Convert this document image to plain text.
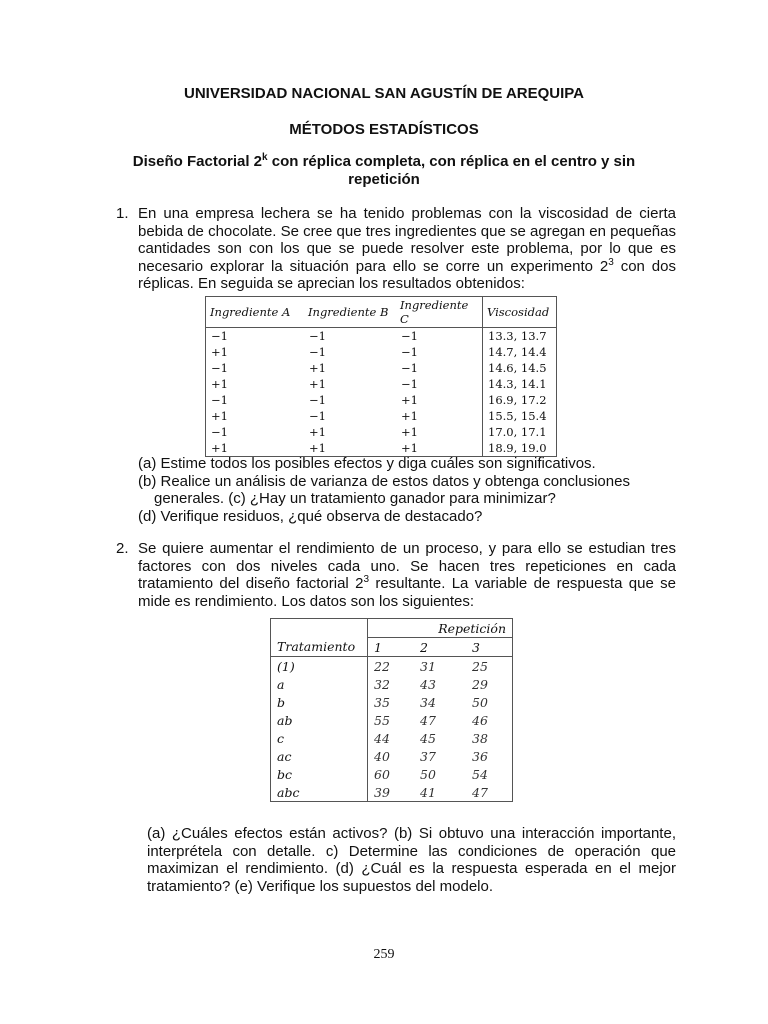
UNIVERSIDAD NACIONAL SAN AGUSTÍN DE AREQUIPA
MÉTODOS ESTADÍSTICOS
Diseño Factorial 2$^k$ con réplica completa, con réplica en el centro y sin
repetición
1. En una empresa lechera se ha tenido problemas con la viscosidad de cierta bebida de chocolate. Se cree que tres ingredientes que se agregan en pequeñas cantidades son con los que se puede resolver este problema, por lo que es necesario explorar la situación para ello se corre un experimento $2^3$ con dos réplicas. En seguida se aprecian los resultados obtenidos:
Ingrediente A	Ingrediente B	Ingrediente C	Viscosidad
−1	−1	−1	13.3, 13.7
+1	−1	−1	14.7, 14.4
−1	+1	−1	14.6, 14.5
+1	+1	−1	14.3, 14.1
−1	−1	+1	16.9, 17.2
+1	−1	+1	15.5, 15.4
−1	+1	+1	17.0, 17.1
+1	+1	+1	18.9, 19.0
(a) Estime todos los posibles efectos y diga cuáles son significativos.
(b) Realice un análisis de varianza de estos datos y obtenga conclusiones
generales. (c) ¿Hay un tratamiento ganador para minimizar?
(d) Verifique residuos, ¿qué observa de destacado?
2. Se quiere aumentar el rendimiento de un proceso, y para ello se estudian tres factores con dos niveles cada uno. Se hacen tres repeticiones en cada tratamiento del diseño factorial $2^3$ resultante. La variable de respuesta que se mide es rendimiento. Los datos son los siguientes:
	Repetición		
Tratamiento	1	2	3
(1)	22	31	25
a	32	43	29
b	35	34	50
ab	55	47	46
c	44	45	38
ac	40	37	36
bc	60	50	54
abc	39	41	47
(a) ¿Cuáles efectos están activos? (b) Si obtuvo una interacción importante, interprételа con detalle. c) Determine las condiciones de operación que maximizan el rendimiento. (d) ¿Cuál es la respuesta esperada en el mejor tratamiento? (e) Verifique los supuestos del modelo.
259
